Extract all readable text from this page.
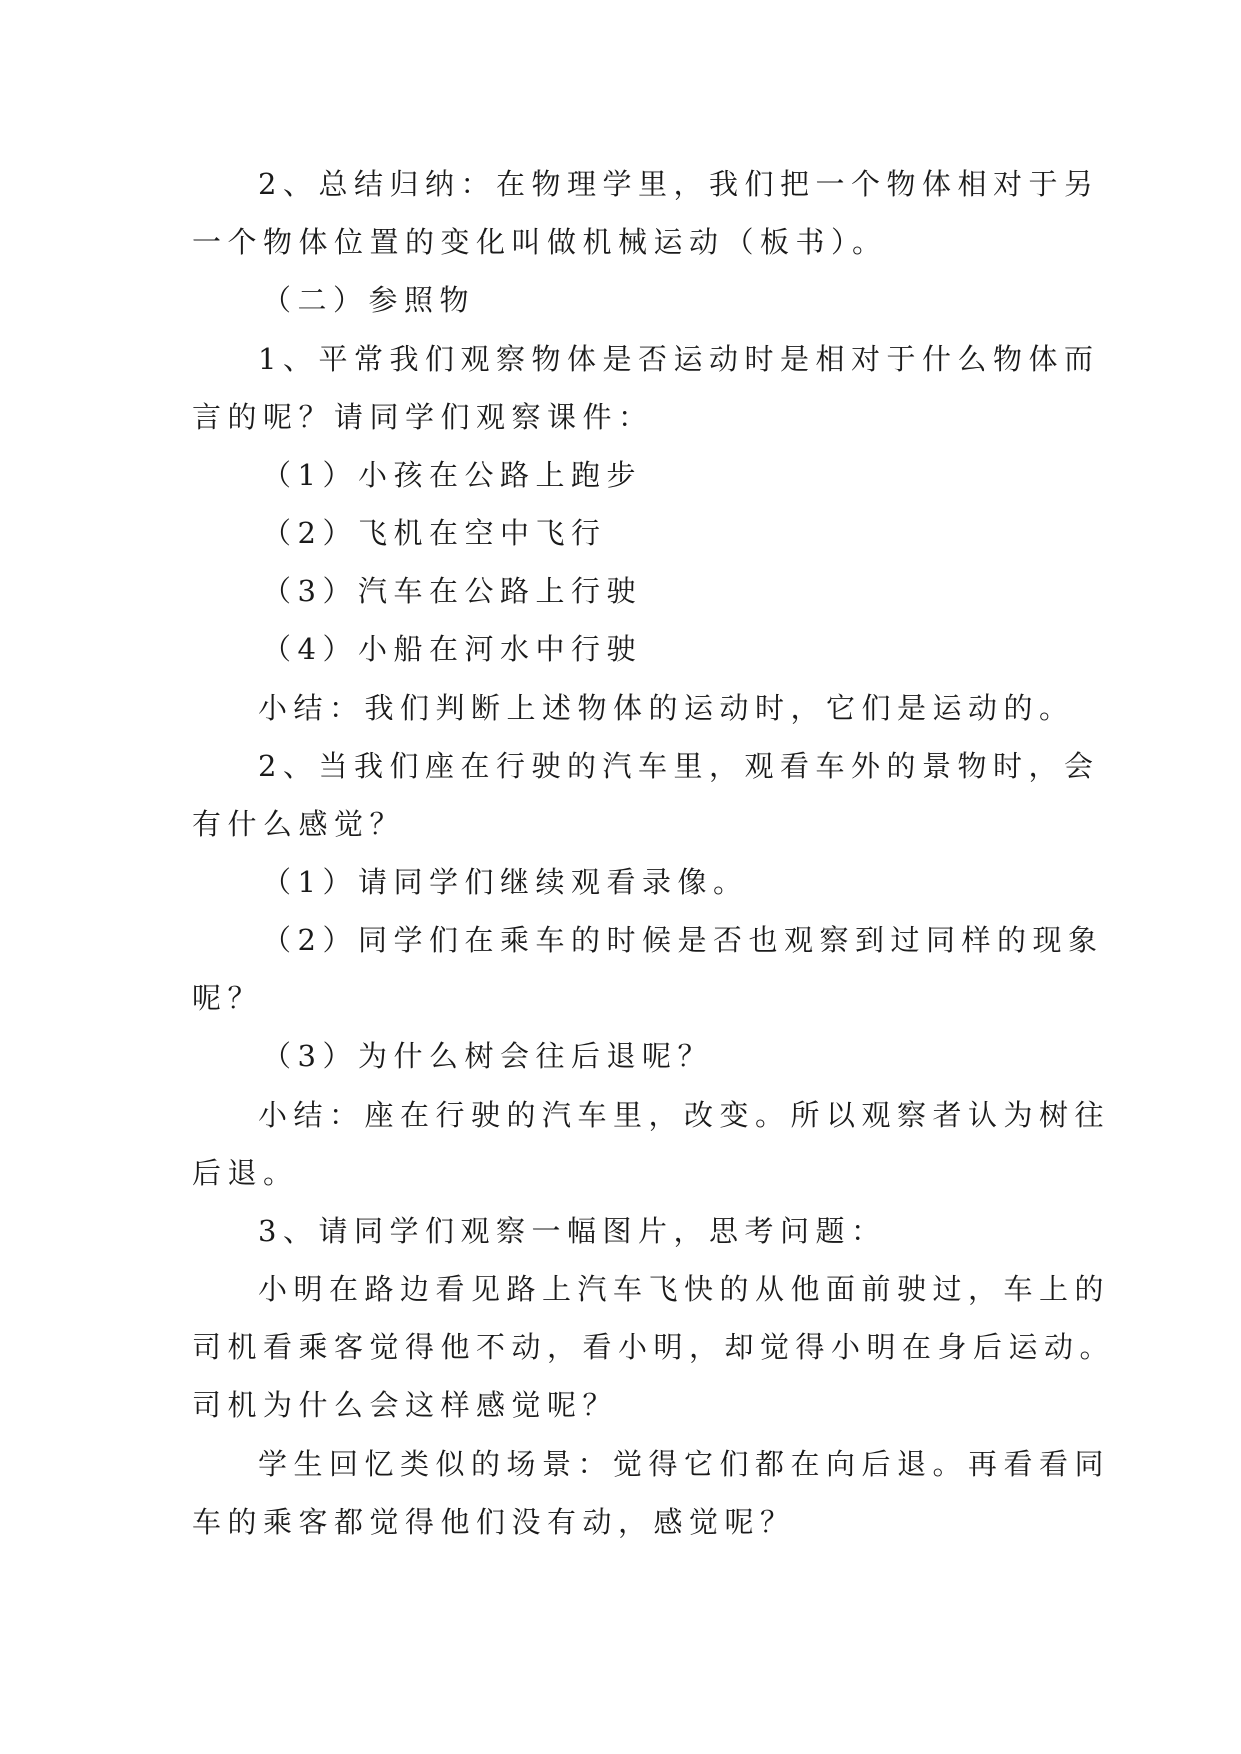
2、总结归纳：在物理学里，我们把一个物体相对于另
一个物体位置的变化叫做机械运动（板书）。
（二）参照物
1、平常我们观察物体是否运动时是相对于什么物体而
言的呢？请同学们观察课件：
（1）小孩在公路上跑步
（2）飞机在空中飞行
（3）汽车在公路上行驶
（4）小船在河水中行驶
小结：我们判断上述物体的运动时，它们是运动的。
2、当我们座在行驶的汽车里，观看车外的景物时，会
有什么感觉？
（1）请同学们继续观看录像。
（2）同学们在乘车的时候是否也观察到过同样的现象
呢？
（3）为什么树会往后退呢？
小结：座在行驶的汽车里，改变。所以观察者认为树往
后退。
3、请同学们观察一幅图片，思考问题：
小明在路边看见路上汽车飞快的从他面前驶过，车上的
司机看乘客觉得他不动，看小明，却觉得小明在身后运动。
司机为什么会这样感觉呢？
学生回忆类似的场景：觉得它们都在向后退。再看看同
车的乘客都觉得他们没有动，感觉呢？
